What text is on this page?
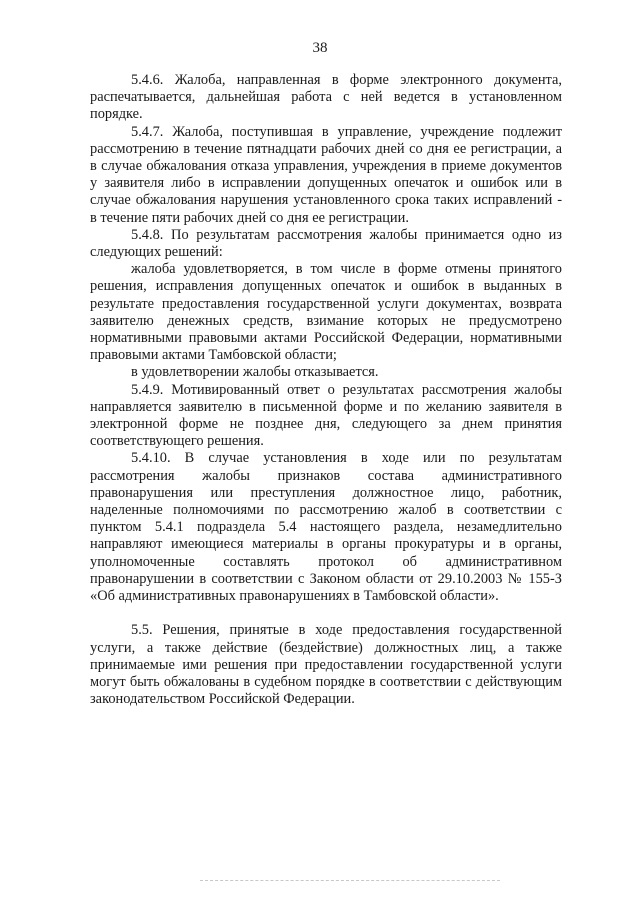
38

5.4.6. Жалоба, направленная в форме электронного документа, распечатывается, дальнейшая работа с ней ведется в установленном порядке.

5.4.7. Жалоба, поступившая в управление, учреждение подлежит рассмотрению в течение пятнадцати рабочих дней со дня ее регистрации, а в случае обжалования отказа управления, учреждения в приеме документов у заявителя либо в исправлении допущенных опечаток и ошибок или в случае обжалования нарушения установленного срока таких исправлений - в течение пяти рабочих дней со дня ее регистрации.

5.4.8. По результатам рассмотрения жалобы принимается одно из следующих решений:

жалоба удовлетворяется, в том числе в форме отмены принятого решения, исправления допущенных опечаток и ошибок в выданных в результате предоставления государственной услуги документах, возврата заявителю денежных средств, взимание которых не предусмотрено нормативными правовыми актами Российской Федерации, нормативными правовыми актами Тамбовской области;

в удовлетворении жалобы отказывается.

5.4.9. Мотивированный ответ о результатах рассмотрения жалобы направляется заявителю в письменной форме и по желанию заявителя в электронной форме не позднее дня, следующего за днем принятия соответствующего решения.

5.4.10. В случае установления в ходе или по результатам рассмотрения жалобы признаков состава административного правонарушения или преступления должностное лицо, работник, наделенные полномочиями по рассмотрению жалоб в соответствии с пунктом 5.4.1 подраздела 5.4 настоящего раздела, незамедлительно направляют имеющиеся материалы в органы прокуратуры и в органы, уполномоченные составлять протокол об административном правонарушении в соответствии с Законом области от 29.10.2003 № 155-З «Об административных правонарушениях в Тамбовской области».

5.5. Решения, принятые в ходе предоставления государственной услуги, а также действие (бездействие) должностных лиц, а также принимаемые ими решения при предоставлении государственной услуги могут быть обжалованы в судебном порядке в соответствии с действующим законодательством Российской Федерации.
